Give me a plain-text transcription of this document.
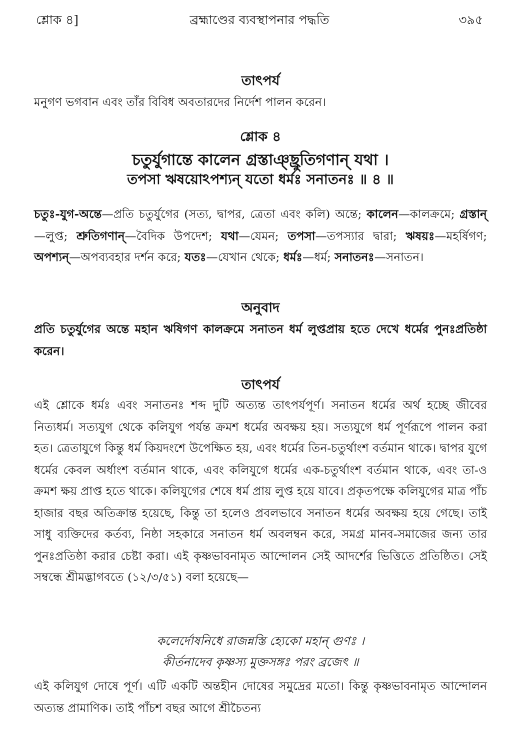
শ্লোক ৪]	ব্রহ্মাণ্ডের ব্যবস্থাপনার পদ্ধতি	৩৯৫
তাৎপর্য
মনুগণ ভগবান এবং তাঁর বিবিধ অবতারদের নির্দেশ পালন করেন।
শ্লোক ৪
চতুর্যুগান্তে কালেন গ্রস্তাঞ্ছ্রুতিগণান্ যথা ।
তপসা ঋষয়োঽপশ্যন্ যতো ধর্মঃ সনাতনঃ ॥ ৪ ॥
চতুঃ-যুগ-অন্তে—প্রতি চতুর্যুগের (সত্য, দ্বাপর, ত্রেতা এবং কলি) অন্তে; কালেন—কালক্রমে; গ্রস্তান্—লুপ্ত; শ্রুতিগণান্—বৈদিক উপদেশ; যথা—যেমন; তপসা—তপস্যার দ্বারা; ঋষয়ঃ—মহর্ষিগণ; অপশ্যন্—অপব্যবহার দর্শন করে; যতঃ—যেখান থেকে; ধর্মঃ—ধর্ম; সনাতনঃ—সনাতন।
অনুবাদ
প্রতি চতুর্যুগের অন্তে মহান ঋষিগণ কালক্রমে সনাতন ধর্ম লুপ্তপ্রায় হতে দেখে ধর্মের পুনঃপ্রতিষ্ঠা করেন।
তাৎপর্য
এই শ্লোকে ধর্মঃ এবং সনাতনঃ শব্দ দুটি অত্যন্ত তাৎপর্যপূর্ণ। সনাতন ধর্মের অর্থ হচ্ছে জীবের নিত্যধর্ম। সত্যযুগ থেকে কলিযুগ পর্যন্ত ক্রমশ ধর্মের অবক্ষয় হয়। সত্যযুগে ধর্ম পূর্ণরূপে পালন করা হত। ত্রেতাযুগে কিন্তু ধর্ম কিয়দংশে উপেক্ষিত হয়, এবং ধর্মের তিন-চতুর্থাংশ বর্তমান থাকে। দ্বাপর যুগে ধর্মের কেবল অর্ধাংশ বর্তমান থাকে, এবং কলিযুগে ধর্মের এক-চতুর্থাংশ বর্তমান থাকে, এবং তা-ও ক্রমশ ক্ষয় প্রাপ্ত হতে থাকে। কলিযুগের শেষে ধর্ম প্রায় লুপ্ত হয়ে যাবে। প্রকৃতপক্ষে কলিযুগের মাত্র পাঁচ হাজার বছর অতিক্রান্ত হয়েছে, কিন্তু তা হলেও প্রবলভাবে সনাতন ধর্মের অবক্ষয় হয়ে গেছে। তাই সাধু ব্যক্তিদের কর্তব্য, নিষ্ঠা সহকারে সনাতন ধর্ম অবলম্বন করে, সমগ্র মানব-সমাজের জন্য তার পুনঃপ্রতিষ্ঠা করার চেষ্টা করা। এই কৃষ্ণভাবনামৃত আন্দোলন সেই আদর্শের ভিত্তিতে প্রতিষ্ঠিত। সেই সম্বন্ধে শ্রীমদ্ভাগবতে (১২/৩/৫১) বলা হয়েছে—
কলের্দোষনিধে রাজন্নস্তি হ্যেকো মহান্ গুণঃ ।
কীর্তনাদেব কৃষ্ণস্য মুক্তসঙ্গঃ পরং ব্রজেৎ ॥
এই কলিযুগ দোষে পূর্ণ। এটি একটি অন্তহীন দোষের সমুদ্রের মতো। কিন্তু কৃষ্ণভাবনামৃত আন্দোলন অত্যন্ত প্রামাণিক। তাই পাঁচশ বছর আগে শ্রীচৈতন্য
